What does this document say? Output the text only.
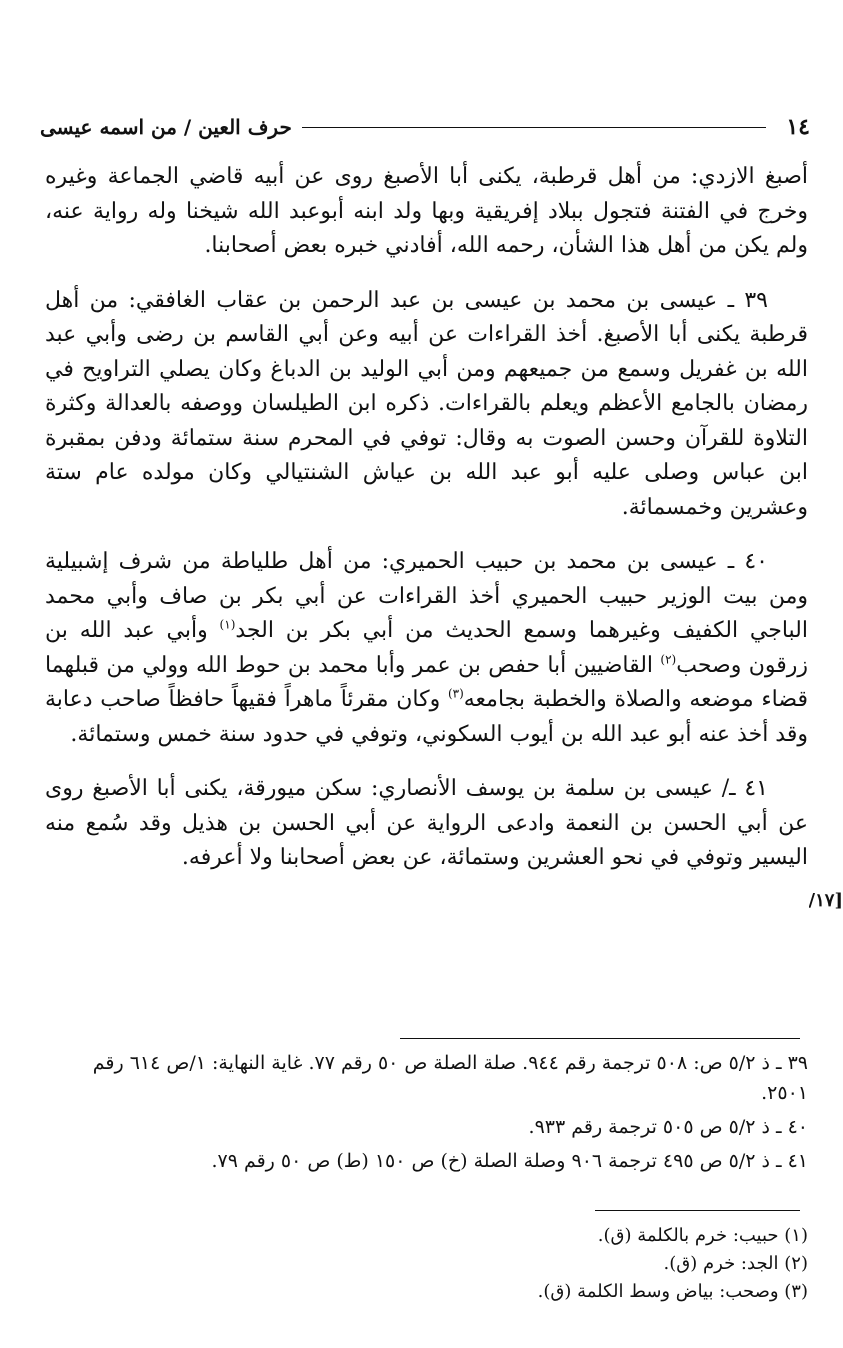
١٤
حرف العين / من اسمه عيسى
[١٧/

أصبغ الازدي: من أهل قرطبة، يكنى أبا الأصبغ روى عن أبيه قاضي الجماعة وغيره وخرج في الفتنة فتجول ببلاد إفريقية وبها ولد ابنه أبوعبد الله شيخنا وله رواية عنه، ولم يكن من أهل هذا الشأن، رحمه الله، أفادني خبره بعض أصحابنا.

٣٩ ـ عيسى بن محمد بن عيسى بن عبد الرحمن بن عقاب الغافقي: من أهل قرطبة يكنى أبا الأصبغ. أخذ القراءات عن أبيه وعن أبي القاسم بن رضى وأبي عبد الله بن غفريل وسمع من جميعهم ومن أبي الوليد بن الدباغ وكان يصلي التراويح في رمضان بالجامع الأعظم ويعلم بالقراءات. ذكره ابن الطيلسان ووصفه بالعدالة وكثرة التلاوة للقرآن وحسن الصوت به وقال: توفي في المحرم سنة ستمائة ودفن بمقبرة ابن عباس وصلى عليه أبو عبد الله بن عياش الشنتيالي وكان مولده عام ستة وعشرين وخمسمائة.

٤٠ ـ عيسى بن محمد بن حبيب الحميري: من أهل طلياطة من شرف إشبيلية ومن بيت الوزير حبيب الحميري أخذ القراءات عن أبي بكر بن صاف وأبي محمد الباجي الكفيف وغيرهما وسمع الحديث من أبي بكر بن الجد$^{(١)}$ وأبي عبد الله بن زرقون وصحب$^{(٢)}$ القاضيين أبا حفص بن عمر وأبا محمد بن حوط الله وولي من قبلهما قضاء موضعه والصلاة والخطبة بجامعه$^{(٣)}$ وكان مقرئاً ماهراً فقيهاً حافظاً صاحب دعابة وقد أخذ عنه أبو عبد الله بن أيوب السكوني، وتوفي في حدود سنة خمس وستمائة.

٤١ ـ/ عيسى بن سلمة بن يوسف الأنصاري: سكن ميورقة، يكنى أبا الأصبغ روى عن أبي الحسن بن النعمة وادعى الرواية عن أبي الحسن بن هذيل وقد سُمع منه اليسير وتوفي في نحو العشرين وستمائة، عن بعض أصحابنا ولا أعرفه.

٣٩ ـ ذ ٥/٢ ص: ٥٠٨ ترجمة رقم ٩٤٤. صلة الصلة ص ٥٠ رقم ٧٧. غاية النهاية: ١/ص ٦١٤ رقم ٢٥٠١.

٤٠ ـ ذ ٥/٢ ص ٥٠٥ ترجمة رقم ٩٣٣.

٤١ ـ ذ ٥/٢ ص ٤٩٥ ترجمة ٩٠٦ وصلة الصلة (خ) ص ١٥٠ (ط) ص ٥٠ رقم ٧٩.

(١) حبيب: خرم بالكلمة (ق).

(٢) الجد: خرم (ق).

(٣) وصحب: بياض وسط الكلمة (ق).
